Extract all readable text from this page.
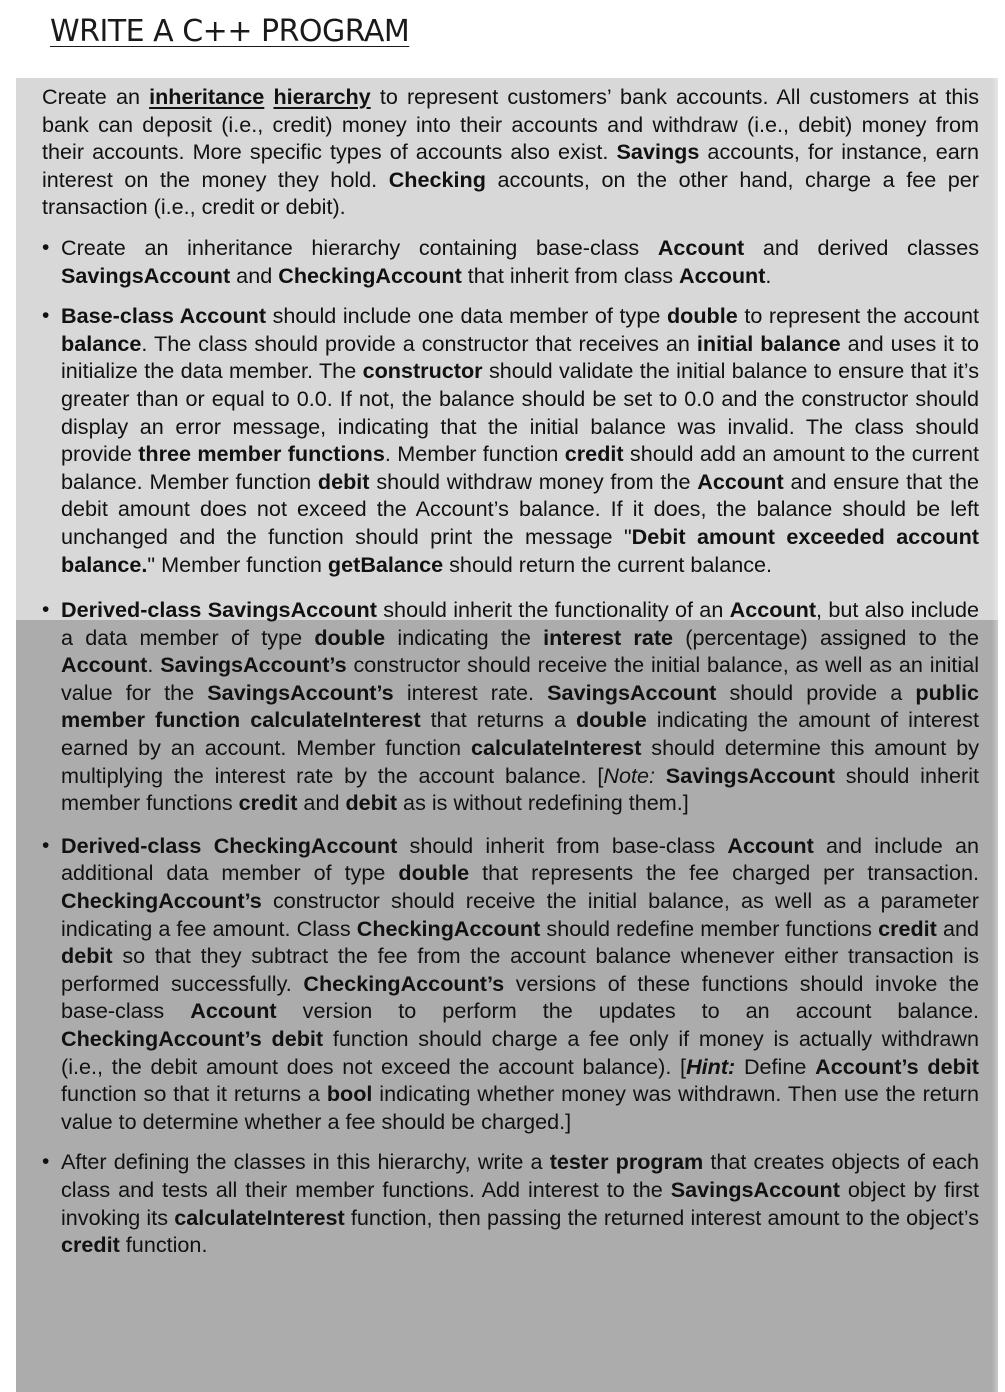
WRITE A C++ PROGRAM

Create an inheritance hierarchy to represent customers’ bank accounts. All customers at this bank can deposit (i.e., credit) money into their accounts and withdraw (i.e., debit) money from their accounts. More specific types of accounts also exist. Savings accounts, for instance, earn interest on the money they hold. Checking accounts, on the other hand, charge a fee per transaction (i.e., credit or debit).

• Create an inheritance hierarchy containing base-class Account and derived classes SavingsAccount and CheckingAccount that inherit from class Account.
• Base-class Account should include one data member of type double to represent the account balance. The class should provide a constructor that receives an initial balance and uses it to initialize the data member. The constructor should validate the initial balance to ensure that it’s greater than or equal to 0.0. If not, the balance should be set to 0.0 and the constructor should display an error message, indicating that the initial balance was invalid. The class should provide three member functions. Member function credit should add an amount to the current balance. Member function debit should withdraw money from the Account and ensure that the debit amount does not exceed the Account’s balance. If it does, the balance should be left unchanged and the function should print the message "Debit amount exceeded account balance." Member function getBalance should return the current balance.
• Derived-class SavingsAccount should inherit the functionality of an Account, but also include a data member of type double indicating the interest rate (percentage) assigned to the Account. SavingsAccount’s constructor should receive the initial balance, as well as an initial value for the SavingsAccount’s interest rate. SavingsAccount should provide a public member function calculateInterest that returns a double indicating the amount of interest earned by an account. Member function calculateInterest should determine this amount by multiplying the interest rate by the account balance. [Note: SavingsAccount should inherit member functions credit and debit as is without redefining them.]
• Derived-class CheckingAccount should inherit from base-class Account and include an additional data member of type double that represents the fee charged per transaction. CheckingAccount’s constructor should receive the initial balance, as well as a parameter indicating a fee amount. Class CheckingAccount should redefine member functions credit and debit so that they subtract the fee from the account balance whenever either transaction is performed successfully. CheckingAccount’s versions of these functions should invoke the base-class Account version to perform the updates to an account balance. CheckingAccount’s debit function should charge a fee only if money is actually withdrawn (i.e., the debit amount does not exceed the account balance). [Hint: Define Account’s debit function so that it returns a bool indicating whether money was withdrawn. Then use the return value to determine whether a fee should be charged.]
• After defining the classes in this hierarchy, write a tester program that creates objects of each class and tests all their member functions. Add interest to the SavingsAccount object by first invoking its calculateInterest function, then passing the returned interest amount to the object’s credit function.
